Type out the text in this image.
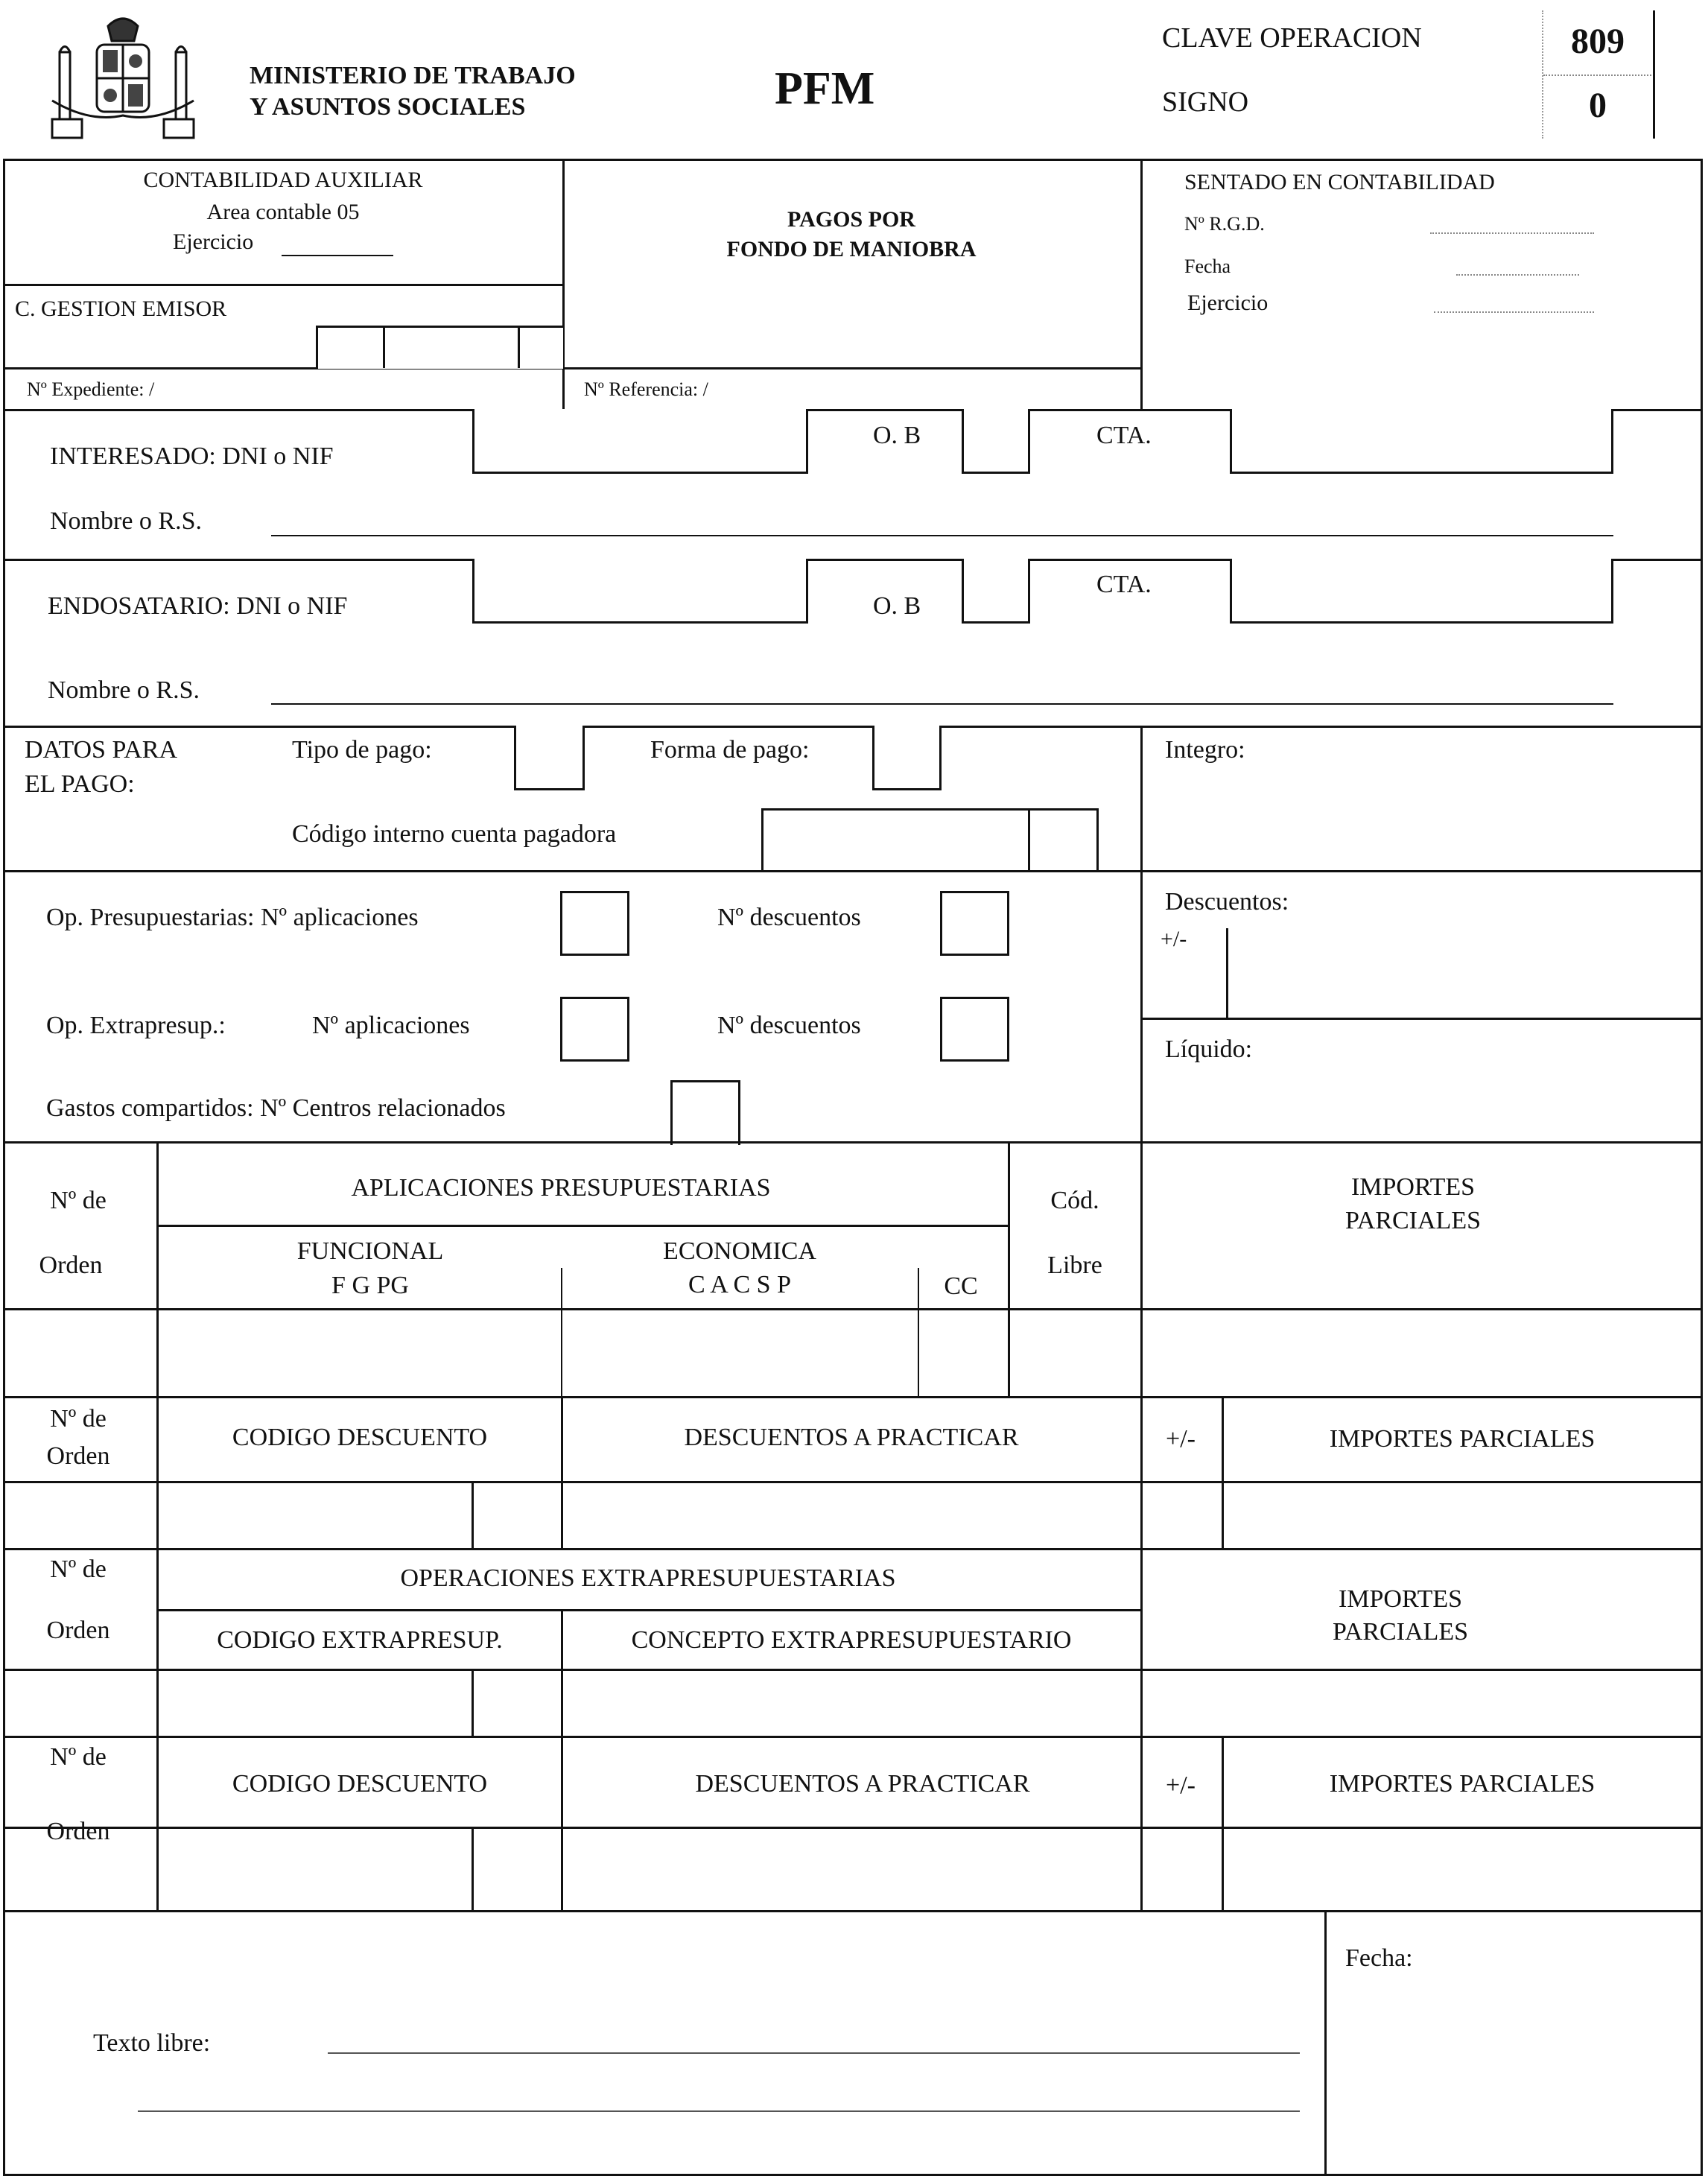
MINISTERIO DE TRABAJO
Y ASUNTOS SOCIALES	PFM
CLAVE OPERACION
SIGNO
809
0
CONTABILIDAD AUXILIAR
Area contable 05
Ejercicio
C. GESTION EMISOR
Nº Expediente: /	Nº Referencia: /
PAGOS POR
FONDO DE MANIOBRA
SENTADO EN CONTABILIDAD
Nº R.G.D.
Fecha
Ejercicio
INTERESADO: DNI o NIF
O. B	CTA.
Nombre o R.S.
ENDOSATARIO: DNI o NIF	O. B
CTA.
Nombre o R.S.
DATOS PARA
EL PAGO:
Tipo de pago:	Forma de pago:
Código interno cuenta pagadora
Integro:
Op. Presupuestarias: Nº aplicaciones	Nº descuentos
Op. Extrapresup.:	Nº aplicaciones	Nº descuentos
Gastos compartidos: Nº Centros relacionados
Descuentos:
+/-
Líquido:
Nº de
Orden
APLICACIONES PRESUPUESTARIAS
FUNCIONAL
F G PG
ECONOMICA
C A C S P	CC
Cód.
Libre
IMPORTES
PARCIALES
Nº de
Orden
CODIGO DESCUENTO	DESCUENTOS A PRACTICAR	+/-	IMPORTES PARCIALES
Nº de
Orden
OPERACIONES EXTRAPRESUPUESTARIAS
CODIGO EXTRAPRESUP.	CONCEPTO EXTRAPRESUPUESTARIO
IMPORTES
PARCIALES
Nº de
Orden
CODIGO DESCUENTO	DESCUENTOS A PRACTICAR	+/-	IMPORTES PARCIALES
Texto libre:
Fecha:
